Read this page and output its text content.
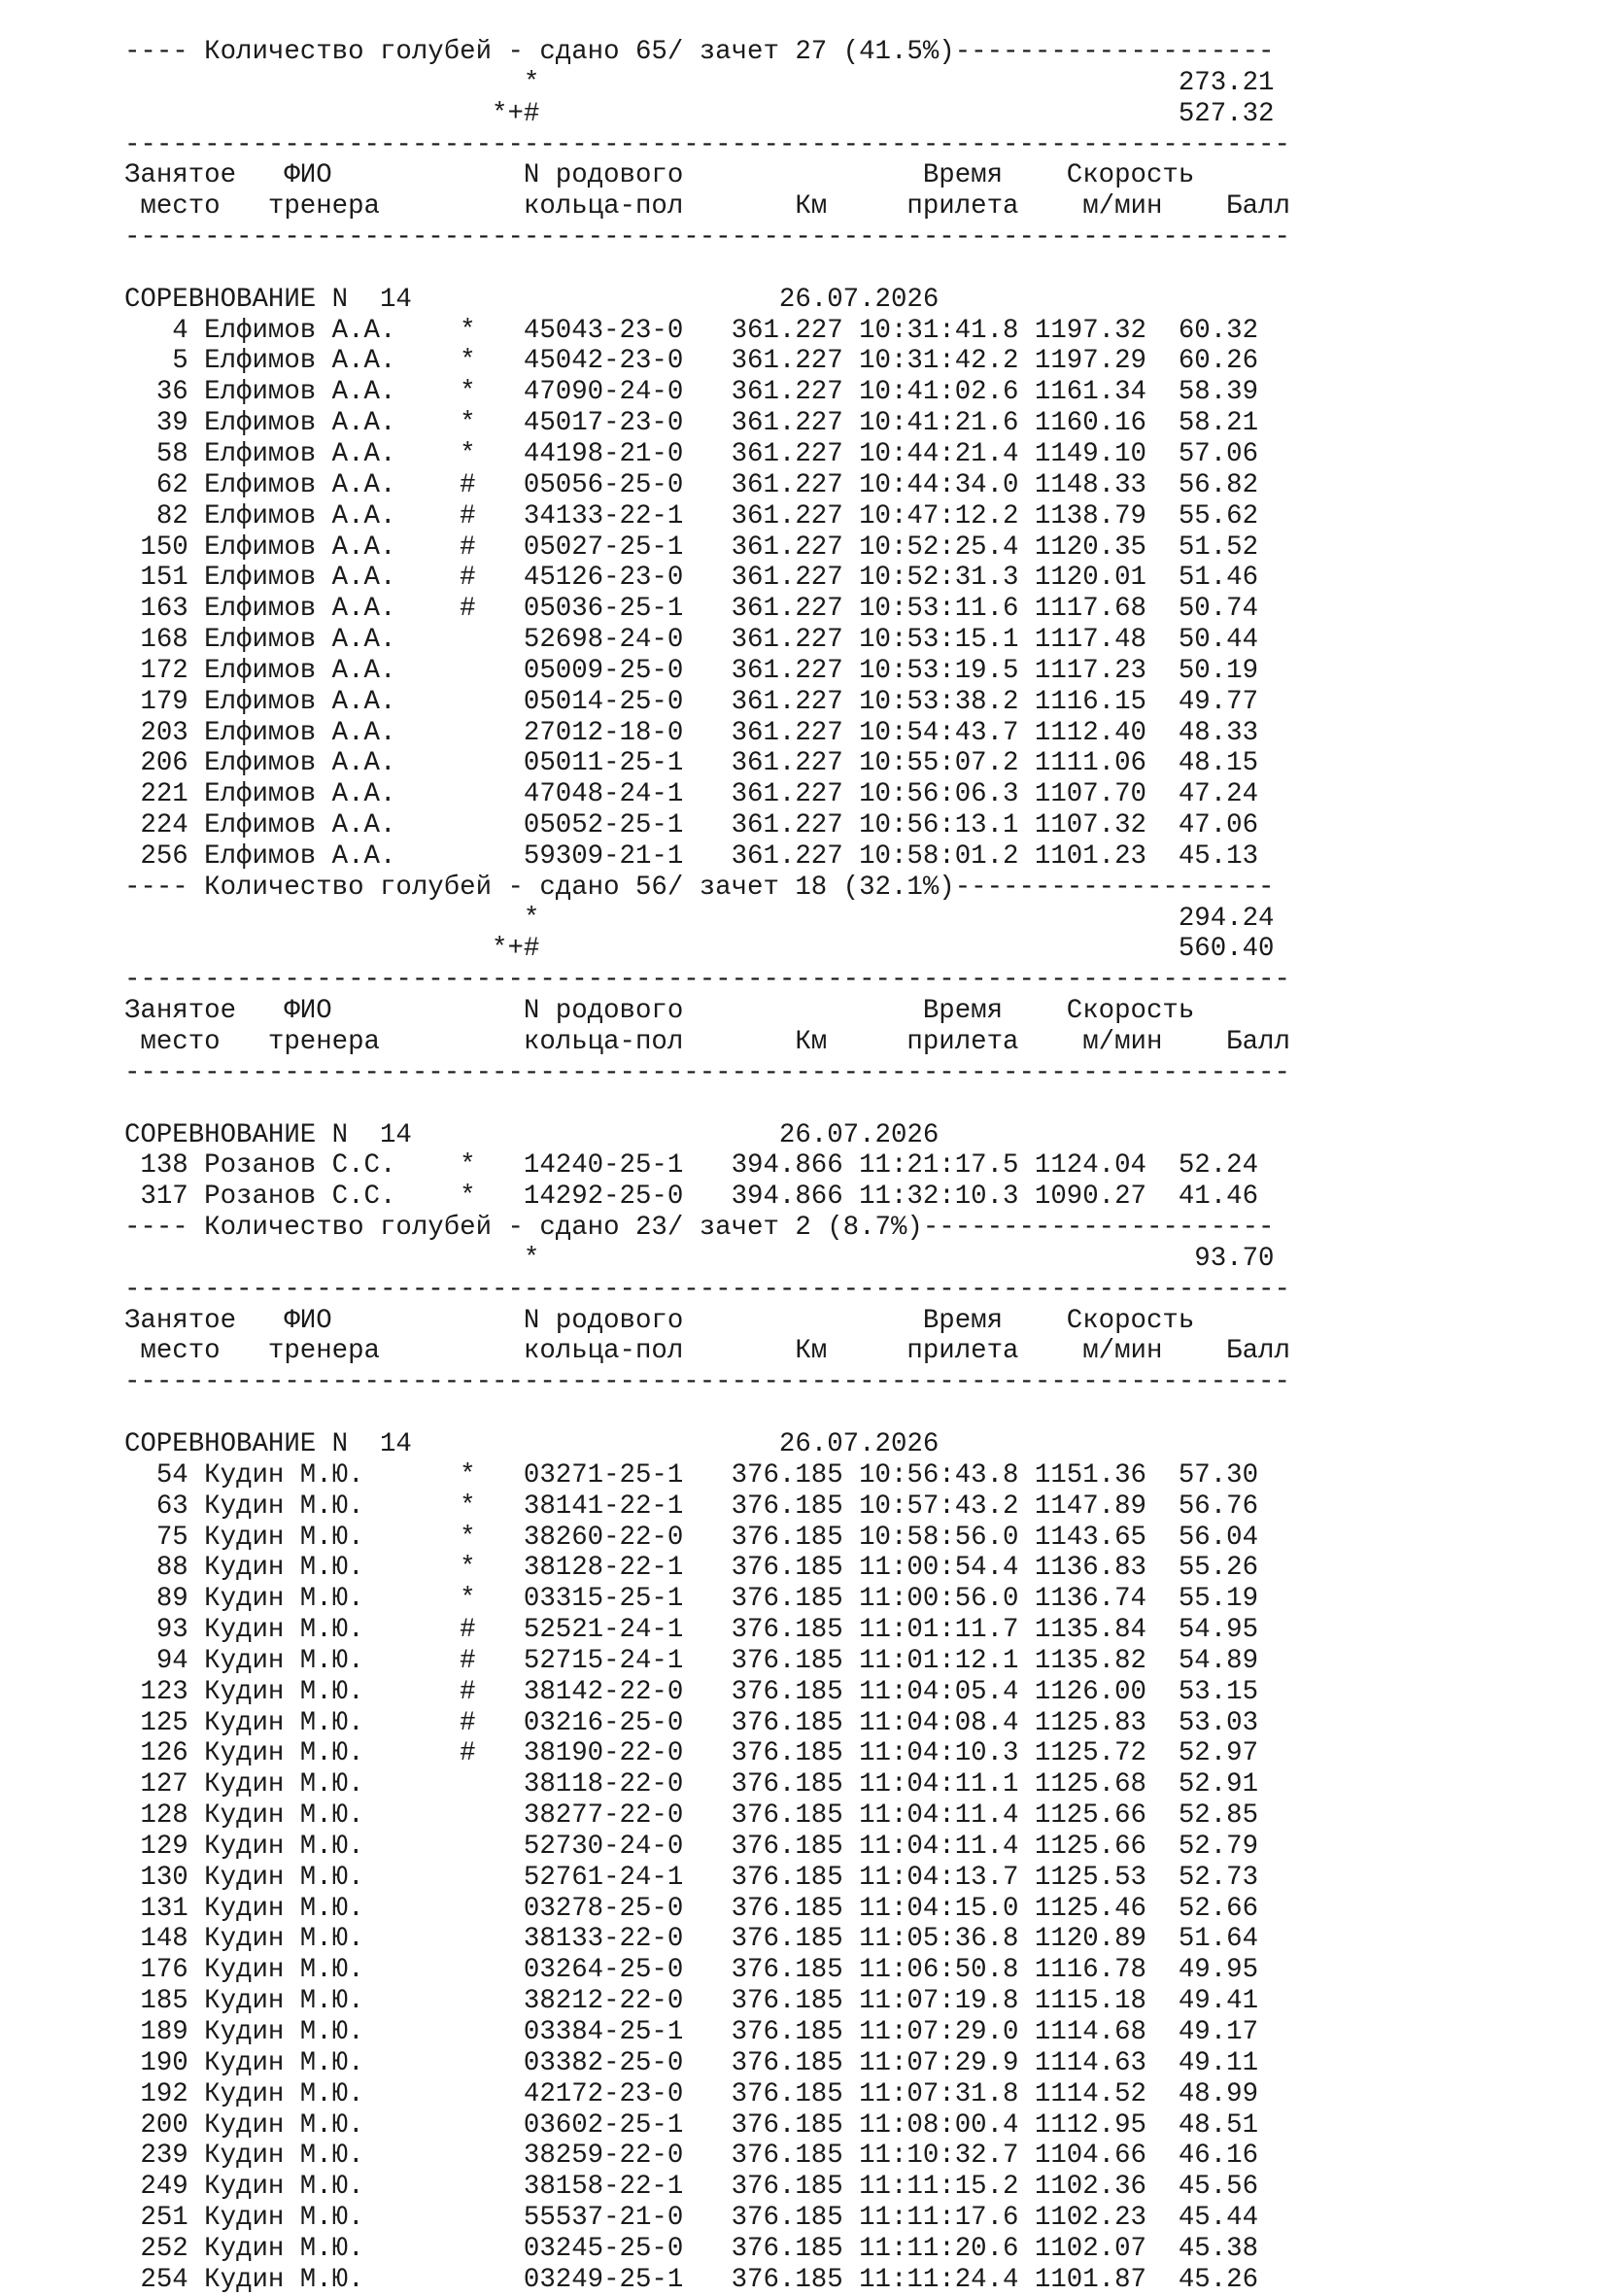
---- Количество голубей - сдано 65/ зачет 27 (41.5%)--------------------
*                                        273.21
*+#                                        527.32
-------------------------------------------------------------------------
Занятое   ФИО            N родового               Время    Скорость
место   тренера         кольца-пол       Км     прилета    м/мин    Балл
-------------------------------------------------------------------------
СОРЕВНОВАНИЕ N  14                       26.07.2026
4 Елфимов А.А.    *   45043-23-0   361.227 10:31:41.8 1197.32  60.32
5 Елфимов А.А.    *   45042-23-0   361.227 10:31:42.2 1197.29  60.26
36 Елфимов А.А.    *   47090-24-0   361.227 10:41:02.6 1161.34  58.39
39 Елфимов А.А.    *   45017-23-0   361.227 10:41:21.6 1160.16  58.21
58 Елфимов А.А.    *   44198-21-0   361.227 10:44:21.4 1149.10  57.06
62 Елфимов А.А.    #   05056-25-0   361.227 10:44:34.0 1148.33  56.82
82 Елфимов А.А.    #   34133-22-1   361.227 10:47:12.2 1138.79  55.62
150 Елфимов А.А.    #   05027-25-1   361.227 10:52:25.4 1120.35  51.52
151 Елфимов А.А.    #   45126-23-0   361.227 10:52:31.3 1120.01  51.46
163 Елфимов А.А.    #   05036-25-1   361.227 10:53:11.6 1117.68  50.74
168 Елфимов А.А.        52698-24-0   361.227 10:53:15.1 1117.48  50.44
172 Елфимов А.А.        05009-25-0   361.227 10:53:19.5 1117.23  50.19
179 Елфимов А.А.        05014-25-0   361.227 10:53:38.2 1116.15  49.77
203 Елфимов А.А.        27012-18-0   361.227 10:54:43.7 1112.40  48.33
206 Елфимов А.А.        05011-25-1   361.227 10:55:07.2 1111.06  48.15
221 Елфимов А.А.        47048-24-1   361.227 10:56:06.3 1107.70  47.24
224 Елфимов А.А.        05052-25-1   361.227 10:56:13.1 1107.32  47.06
256 Елфимов А.А.        59309-21-1   361.227 10:58:01.2 1101.23  45.13
---- Количество голубей - сдано 56/ зачет 18 (32.1%)--------------------
*                                        294.24
*+#                                        560.40
-------------------------------------------------------------------------
Занятое   ФИО            N родового               Время    Скорость
место   тренера         кольца-пол       Км     прилета    м/мин    Балл
-------------------------------------------------------------------------
СОРЕВНОВАНИЕ N  14                       26.07.2026
138 Розанов С.С.    *   14240-25-1   394.866 11:21:17.5 1124.04  52.24
317 Розанов С.С.    *   14292-25-0   394.866 11:32:10.3 1090.27  41.46
---- Количество голубей - сдано 23/ зачет 2 (8.7%)----------------------
*                                         93.70
-------------------------------------------------------------------------
Занятое   ФИО            N родового               Время    Скорость
место   тренера         кольца-пол       Км     прилета    м/мин    Балл
-------------------------------------------------------------------------
СОРЕВНОВАНИЕ N  14                       26.07.2026
54 Кудин М.Ю.      *   03271-25-1   376.185 10:56:43.8 1151.36  57.30
63 Кудин М.Ю.      *   38141-22-1   376.185 10:57:43.2 1147.89  56.76
75 Кудин М.Ю.      *   38260-22-0   376.185 10:58:56.0 1143.65  56.04
88 Кудин М.Ю.      *   38128-22-1   376.185 11:00:54.4 1136.83  55.26
89 Кудин М.Ю.      *   03315-25-1   376.185 11:00:56.0 1136.74  55.19
93 Кудин М.Ю.      #   52521-24-1   376.185 11:01:11.7 1135.84  54.95
94 Кудин М.Ю.      #   52715-24-1   376.185 11:01:12.1 1135.82  54.89
123 Кудин М.Ю.      #   38142-22-0   376.185 11:04:05.4 1126.00  53.15
125 Кудин М.Ю.      #   03216-25-0   376.185 11:04:08.4 1125.83  53.03
126 Кудин М.Ю.      #   38190-22-0   376.185 11:04:10.3 1125.72  52.97
127 Кудин М.Ю.          38118-22-0   376.185 11:04:11.1 1125.68  52.91
128 Кудин М.Ю.          38277-22-0   376.185 11:04:11.4 1125.66  52.85
129 Кудин М.Ю.          52730-24-0   376.185 11:04:11.4 1125.66  52.79
130 Кудин М.Ю.          52761-24-1   376.185 11:04:13.7 1125.53  52.73
131 Кудин М.Ю.          03278-25-0   376.185 11:04:15.0 1125.46  52.66
148 Кудин М.Ю.          38133-22-0   376.185 11:05:36.8 1120.89  51.64
176 Кудин М.Ю.          03264-25-0   376.185 11:06:50.8 1116.78  49.95
185 Кудин М.Ю.          38212-22-0   376.185 11:07:19.8 1115.18  49.41
189 Кудин М.Ю.          03384-25-1   376.185 11:07:29.0 1114.68  49.17
190 Кудин М.Ю.          03382-25-0   376.185 11:07:29.9 1114.63  49.11
192 Кудин М.Ю.          42172-23-0   376.185 11:07:31.8 1114.52  48.99
200 Кудин М.Ю.          03602-25-1   376.185 11:08:00.4 1112.95  48.51
239 Кудин М.Ю.          38259-22-0   376.185 11:10:32.7 1104.66  46.16
249 Кудин М.Ю.          38158-22-1   376.185 11:11:15.2 1102.36  45.56
251 Кудин М.Ю.          55537-21-0   376.185 11:11:17.6 1102.23  45.44
252 Кудин М.Ю.          03245-25-0   376.185 11:11:20.6 1102.07  45.38
254 Кудин М.Ю.          03249-25-1   376.185 11:11:24.4 1101.87  45.26
